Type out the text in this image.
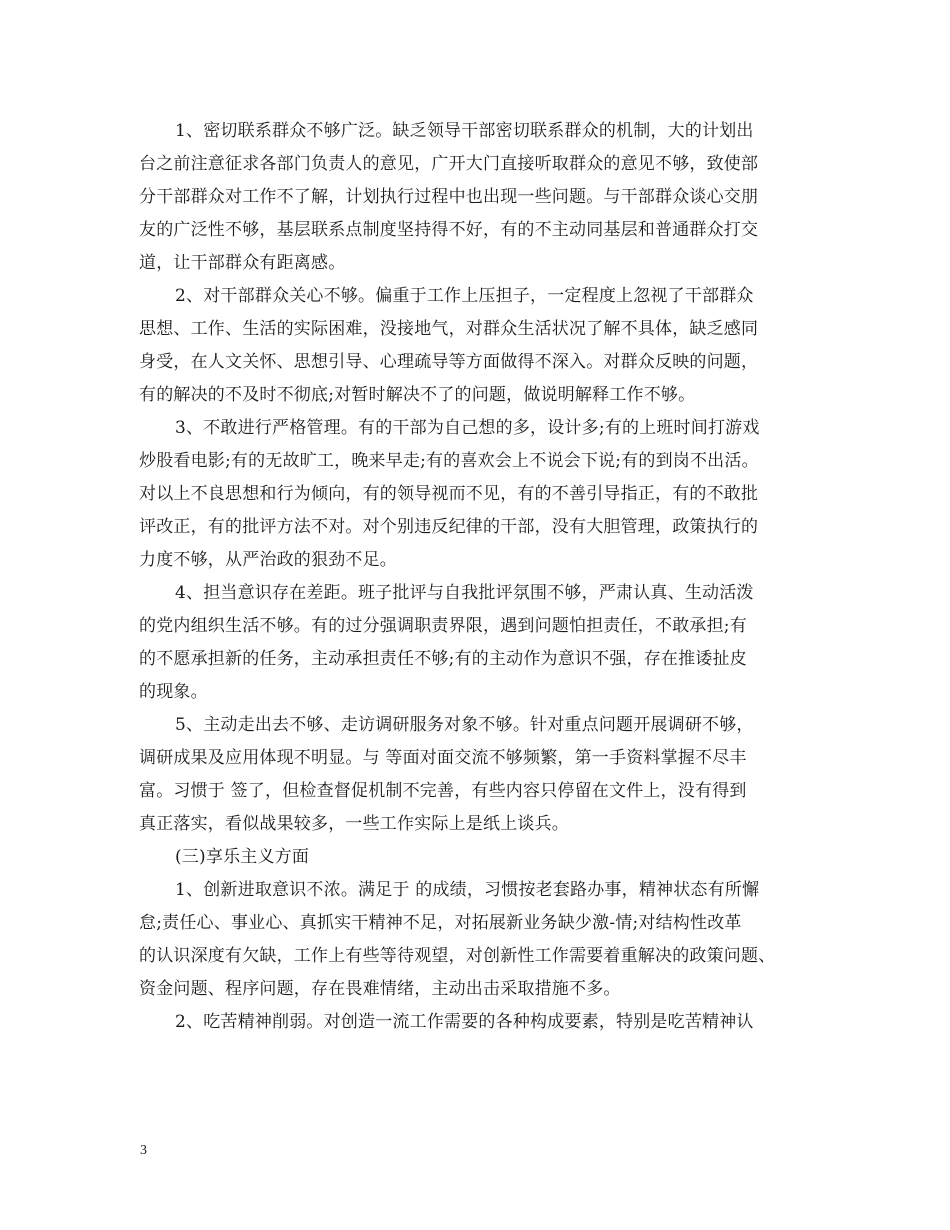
1、密切联系群众不够广泛。缺乏领导干部密切联系群众的机制，大的计划出
台之前注意征求各部门负责人的意见，广开大门直接听取群众的意见不够，致使部
分干部群众对工作不了解，计划执行过程中也出现一些问题。与干部群众谈心交朋
友的广泛性不够，基层联系点制度坚持得不好，有的不主动同基层和普通群众打交
道，让干部群众有距离感。
2、对干部群众关心不够。偏重于工作上压担子，一定程度上忽视了干部群众
思想、工作、生活的实际困难，没接地气，对群众生活状况了解不具体，缺乏感同
身受，在人文关怀、思想引导、心理疏导等方面做得不深入。对群众反映的问题，
有的解决的不及时不彻底;对暂时解决不了的问题，做说明解释工作不够。
3、不敢进行严格管理。有的干部为自己想的多，设计多;有的上班时间打游戏
炒股看电影;有的无故旷工，晚来早走;有的喜欢会上不说会下说;有的到岗不出活。
对以上不良思想和行为倾向，有的领导视而不见，有的不善引导指正，有的不敢批
评改正，有的批评方法不对。对个别违反纪律的干部，没有大胆管理，政策执行的
力度不够，从严治政的狠劲不足。
4、担当意识存在差距。班子批评与自我批评氛围不够，严肃认真、生动活泼
的党内组织生活不够。有的过分强调职责界限，遇到问题怕担责任，不敢承担;有
的不愿承担新的任务，主动承担责任不够;有的主动作为意识不强，存在推诿扯皮
的现象。
5、主动走出去不够、走访调研服务对象不够。针对重点问题开展调研不够，
调研成果及应用体现不明显。与 等面对面交流不够频繁，第一手资料掌握不尽丰
富。习惯于 签了，但检查督促机制不完善，有些内容只停留在文件上，没有得到
真正落实，看似战果较多，一些工作实际上是纸上谈兵。
(三)享乐主义方面
1、创新进取意识不浓。满足于 的成绩，习惯按老套路办事，精神状态有所懈
怠;责任心、事业心、真抓实干精神不足，对拓展新业务缺少激-情;对结构性改革
的认识深度有欠缺，工作上有些等待观望，对创新性工作需要着重解决的政策问题、
资金问题、程序问题，存在畏难情绪，主动出击采取措施不多。
2、吃苦精神削弱。对创造一流工作需要的各种构成要素，特别是吃苦精神认
3
